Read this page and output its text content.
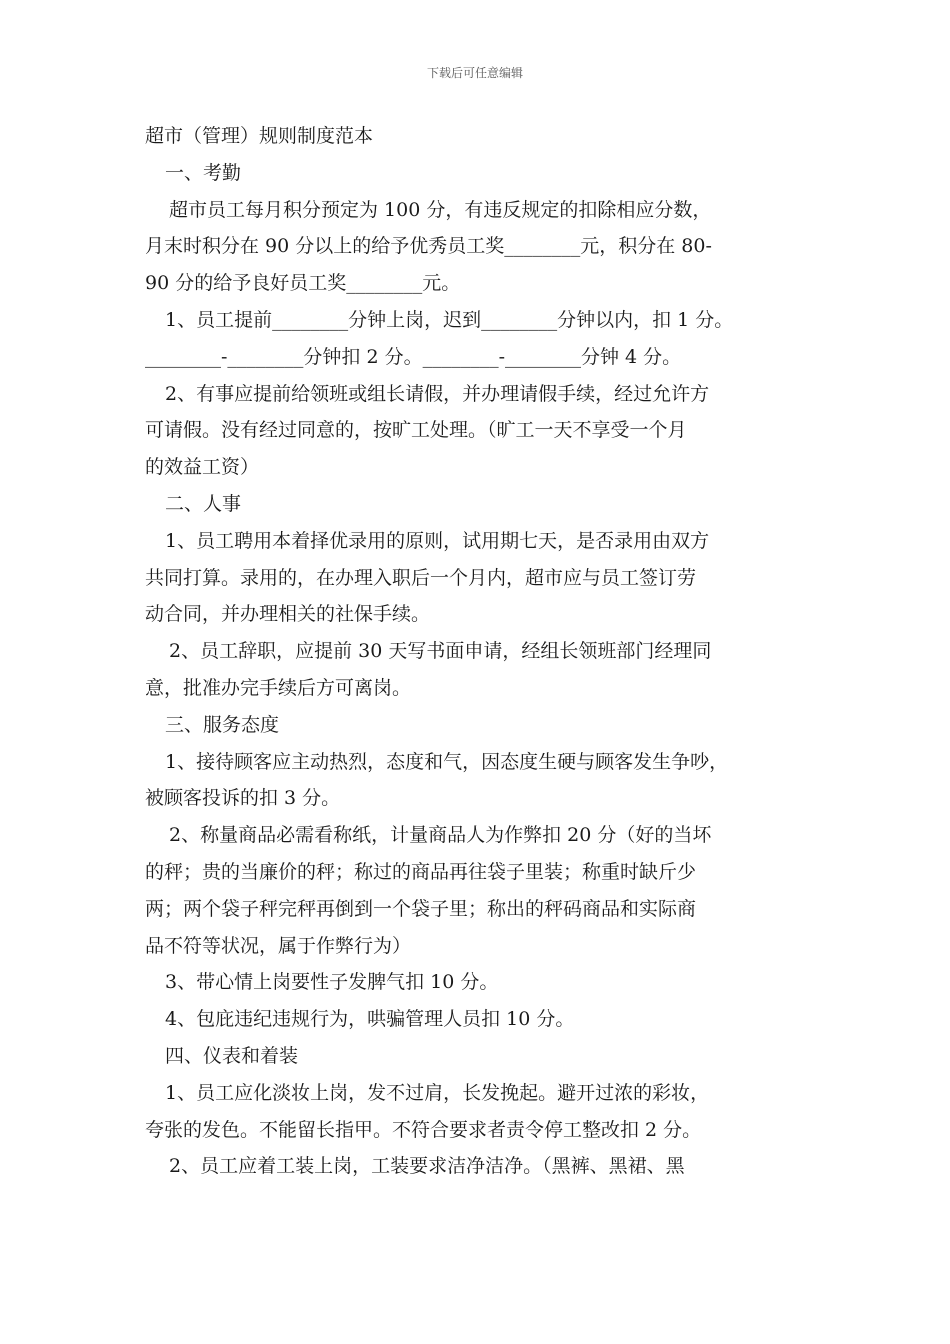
下载后可任意编辑
超市（管理）规则制度范本
一、考勤
超市员工每月积分预定为 100 分，有违反规定的扣除相应分数，
月末时积分在 90 分以上的给予优秀员工奖________元，积分在 80-
90 分的给予良好员工奖________元。
1、员工提前________分钟上岗，迟到________分钟以内，扣 1 分。
________-________分钟扣 2 分。________-________分钟 4 分。
2、有事应提前给领班或组长请假，并办理请假手续，经过允许方
可请假。没有经过同意的，按旷工处理。（旷工一天不享受一个月
的效益工资）
二、人事
1、员工聘用本着择优录用的原则，试用期七天，是否录用由双方
共同打算。录用的，在办理入职后一个月内，超市应与员工签订劳
动合同，并办理相关的社保手续。
2、员工辞职，应提前 30 天写书面申请，经组长领班部门经理同
意，批准办完手续后方可离岗。
三、服务态度
1、接待顾客应主动热烈，态度和气，因态度生硬与顾客发生争吵，
被顾客投诉的扣 3 分。
2、称量商品必需看称纸，计量商品人为作弊扣 20 分（好的当坏
的秤；贵的当廉价的秤；称过的商品再往袋子里装；称重时缺斤少
两；两个袋子秤完秤再倒到一个袋子里；称出的秤码商品和实际商
品不符等状况，属于作弊行为）
3、带心情上岗要性子发脾气扣 10 分。
4、包庇违纪违规行为，哄骗管理人员扣 10 分。
四、仪表和着装
1、员工应化淡妆上岗，发不过肩，长发挽起。避开过浓的彩妆，
夸张的发色。不能留长指甲。不符合要求者责令停工整改扣 2 分。
2、员工应着工装上岗，工装要求洁净洁净。（黑裤、黑裙、黑
